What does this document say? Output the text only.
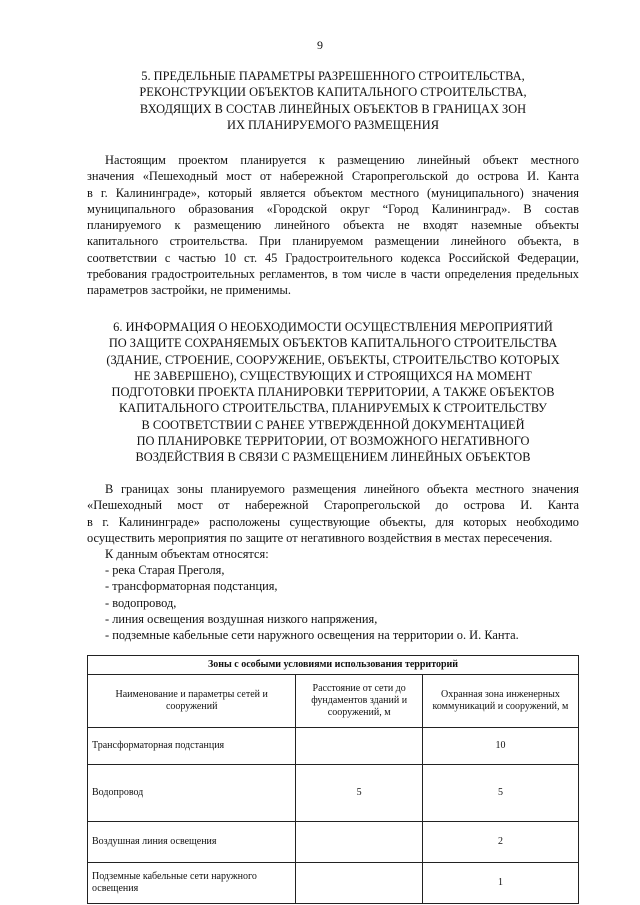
9
5. ПРЕДЕЛЬНЫЕ ПАРАМЕТРЫ РАЗРЕШЕННОГО СТРОИТЕЛЬСТВА,
РЕКОНСТРУКЦИИ ОБЪЕКТОВ КАПИТАЛЬНОГО СТРОИТЕЛЬСТВА,
ВХОДЯЩИХ В СОСТАВ ЛИНЕЙНЫХ ОБЪЕКТОВ В ГРАНИЦАХ ЗОН
ИХ ПЛАНИРУЕМОГО РАЗМЕЩЕНИЯ
Настоящим проектом планируется к размещению линейный объект местного
значения «Пешеходный мост от набережной Старопрегольской до острова И. Канта
в г. Калининграде», который является объектом местного (муниципального) значения
муниципального образования «Городской округ “Город Калининград». В состав
планируемого к размещению линейного объекта не входят наземные объекты
капитального строительства. При планируемом размещении линейного объекта, в
соответствии с частью 10 ст. 45 Градостроительного кодекса Российской Федерации,
требования градостроительных регламентов, в том числе в части определения предельных
параметров застройки, не применимы.
6. ИНФОРМАЦИЯ О НЕОБХОДИМОСТИ ОСУЩЕСТВЛЕНИЯ МЕРОПРИЯТИЙ
ПО ЗАЩИТЕ СОХРАНЯЕМЫХ ОБЪЕКТОВ КАПИТАЛЬНОГО СТРОИТЕЛЬСТВА
(ЗДАНИЕ, СТРОЕНИЕ, СООРУЖЕНИЕ, ОБЪЕКТЫ, СТРОИТЕЛЬСТВО КОТОРЫХ
НЕ ЗАВЕРШЕНО), СУЩЕСТВУЮЩИХ И СТРОЯЩИХСЯ НА МОМЕНТ
ПОДГОТОВКИ ПРОЕКТА ПЛАНИРОВКИ ТЕРРИТОРИИ, А ТАКЖЕ ОБЪЕКТОВ
КАПИТАЛЬНОГО СТРОИТЕЛЬСТВА, ПЛАНИРУЕМЫХ К СТРОИТЕЛЬСТВУ
В СООТВЕТСТВИИ С РАНЕЕ УТВЕРЖДЕННОЙ ДОКУМЕНТАЦИЕЙ
ПО ПЛАНИРОВКЕ ТЕРРИТОРИИ, ОТ ВОЗМОЖНОГО НЕГАТИВНОГО
ВОЗДЕЙСТВИЯ В СВЯЗИ С РАЗМЕЩЕНИЕМ ЛИНЕЙНЫХ ОБЪЕКТОВ
В границах зоны планируемого размещения линейного объекта местного значения
«Пешеходный мост от набережной Старопрегольской до острова И. Канта
в г. Калининграде» расположены существующие объекты, для которых необходимо
осуществить мероприятия по защите от негативного воздействия в местах пересечения.
К данным объектам относятся:
- река Старая Преголя,
- трансформаторная подстанция,
- водопровод,
- линия освещения воздушная низкого напряжения,
- подземные кабельные сети наружного освещения на территории о. И. Канта.
Зоны с особыми условиями использования территорий		
Наименование и параметры сетей и сооружений	Расстояние от сети до фундаментов зданий и сооружений, м	Охранная зона инженерных коммуникаций и сооружений, м
Трансформаторная подстанция		10
Водопровод	5	5
Воздушная линия освещения		2
Подземные кабельные сети наружного освещения		1
